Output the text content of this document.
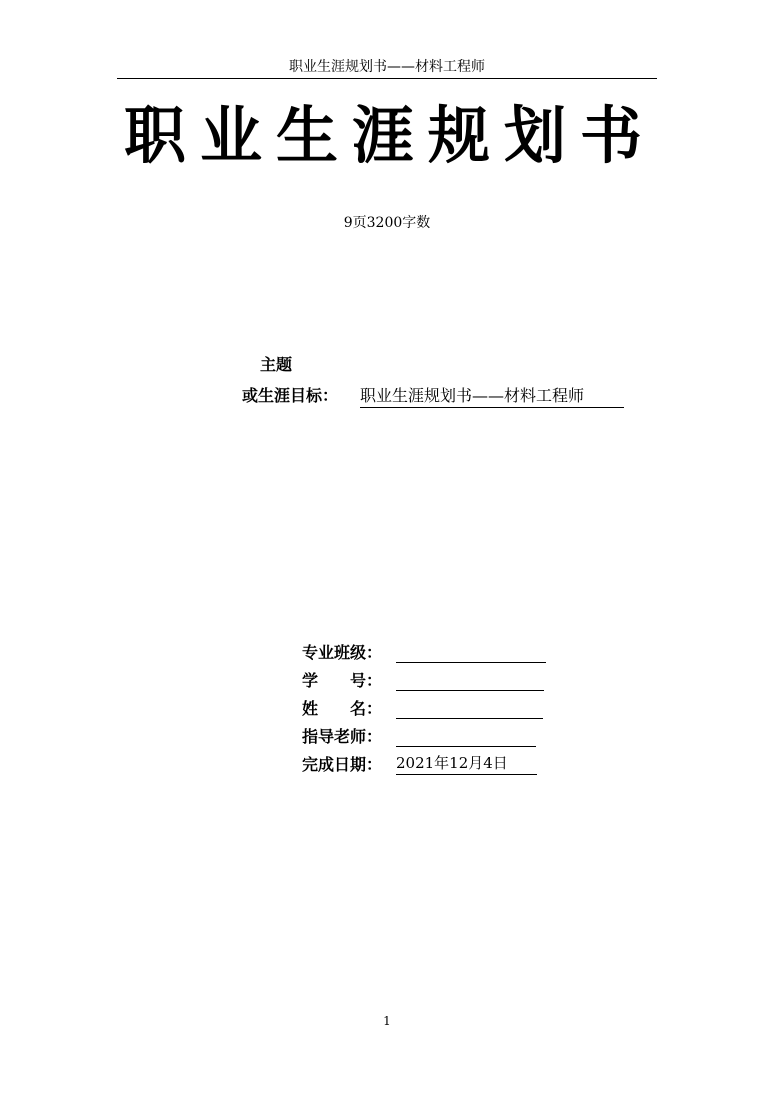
职业生涯规划书——材料工程师
职业生涯规划书
9页3200字数
主题
或生涯目标： 职业生涯规划书——材料工程师
专业班级：
学　　号：
姓　　名：
指导老师：
完成日期： 2021年12月4日
1
